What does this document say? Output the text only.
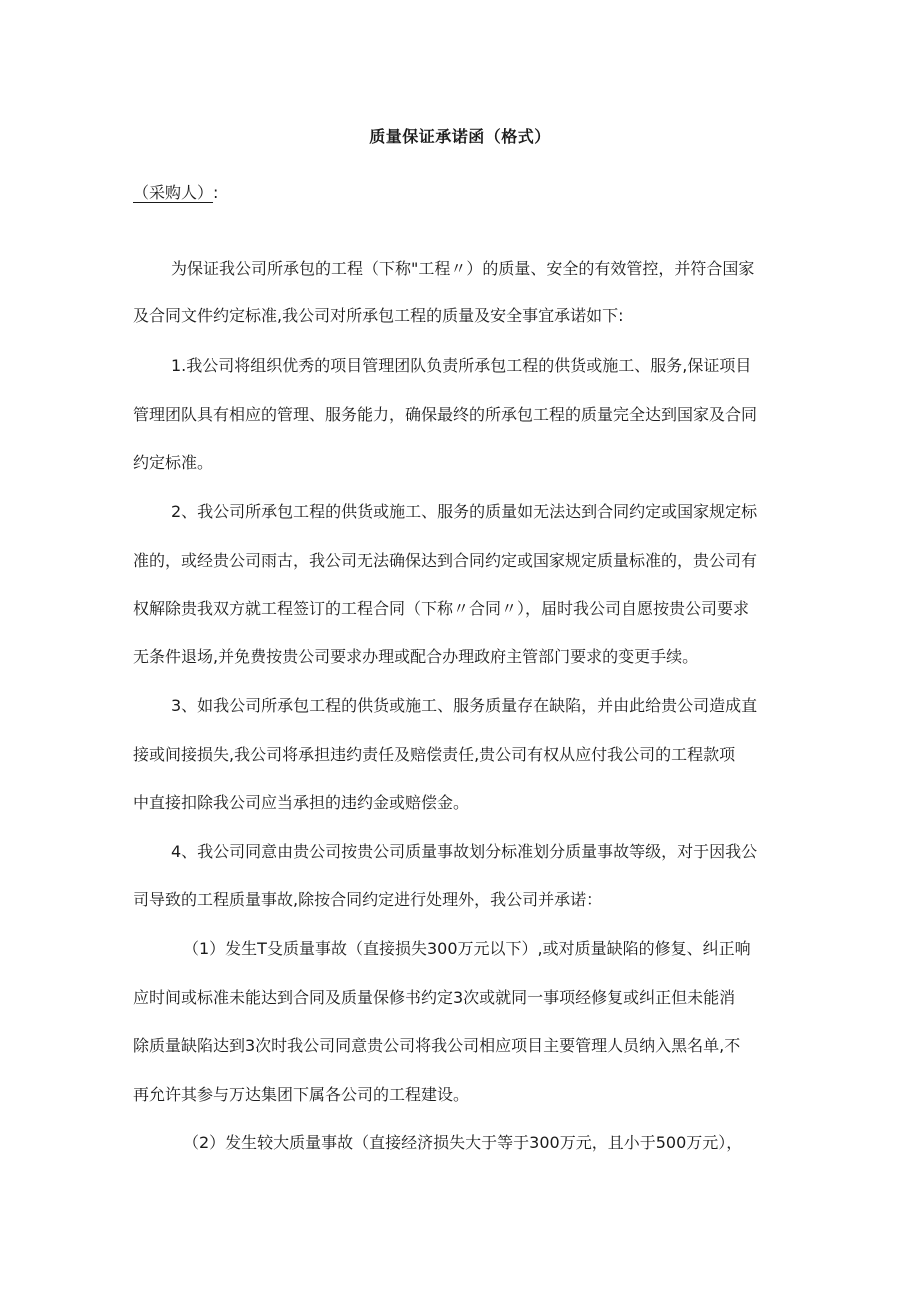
质量保证承诺函（格式）
（采购人）:
为保证我公司所承包的工程（下称"工程〃）的质量、安全的有效管控，并符合国家
及合同文件约定标准,我公司对所承包工程的质量及安全事宜承诺如下:
1.我公司将组织优秀的项目管理团队负责所承包工程的供货或施工、服务,保证项目
管理团队具有相应的管理、服务能力，确保最终的所承包工程的质量完全达到国家及合同
约定标准。
2、我公司所承包工程的供货或施工、服务的质量如无法达到合同约定或国家规定标
准的，或经贵公司雨古，我公司无法确保达到合同约定或国家规定质量标准的，贵公司有
权解除贵我双方就工程签订的工程合同（下称〃合同〃），届时我公司自愿按贵公司要求
无条件退场,并免费按贵公司要求办理或配合办理政府主管部门要求的变更手续。
3、如我公司所承包工程的供货或施工、服务质量存在缺陷，并由此给贵公司造成直
接或间接损失,我公司将承担违约责任及赔偿责任,贵公司有权从应付我公司的工程款项
中直接扣除我公司应当承担的违约金或赔偿金。
4、我公司同意由贵公司按贵公司质量事故划分标准划分质量事故等级，对于因我公
司导致的工程质量事故,除按合同约定进行处理外，我公司并承诺：
（1）发生T殳质量事故（直接损失300万元以下）,或对质量缺陷的修复、纠正响
应时间或标准未能达到合同及质量保修书约定3次或就同一事项经修复或纠正但未能消
除质量缺陷达到3次时我公司同意贵公司将我公司相应项目主要管理人员纳入黑名单,不
再允许其参与万达集团下属各公司的工程建设。
（2）发生较大质量事故（直接经济损失大于等于300万元，且小于500万元），
